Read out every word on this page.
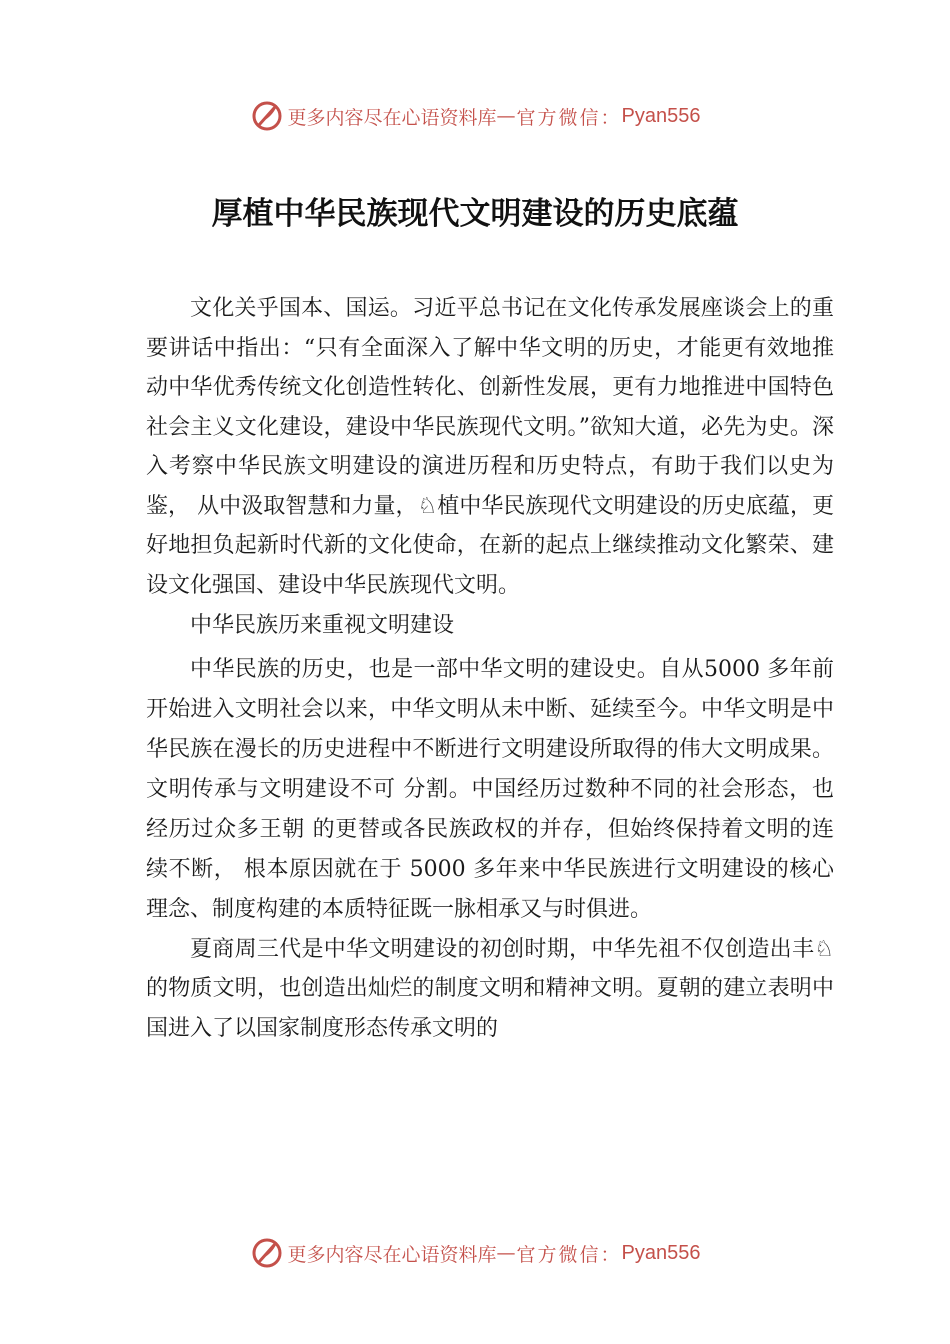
更多内容尽在心语资料库 — 官方微信： Pyan556
厚植中华民族现代文明建设的历史底蕴

文化关乎国本、国运。习近平总书记在文化传承发展座谈会上的重要讲话中指出：“只有全面深入了解中华文明的历史，才能更有效地推动中华优秀传统文化创造性转化、创新性发展，更有力地推进中国特色社会主义文化建设，建设中华民族现代文明。”欲知大道，必先为史。深入考察中华民族文明建设的演进历程和历史特点，有助于我们以史为鉴， 从中汲取智慧和力量，♘植中华民族现代文明建设的历史底蕴，更好地担负起新时代新的文化使命，在新的起点上继续推动文化繁荣、建设文化强国、建设中华民族现代文明。

中华民族历来重视文明建设

中华民族的历史，也是一部中华文明的建设史。自从5000 多年前开始进入文明社会以来，中华文明从未中断、延续至今。中华文明是中华民族在漫长的历史进程中不断进行文明建设所取得的伟大文明成果。文明传承与文明建设不可 分割。中国经历过数种不同的社会形态，也经历过众多王朝 的更替或各民族政权的并存，但始终保持着文明的连续不断， 根本原因就在于 5000 多年来中华民族进行文明建设的核心理念、制度构建的本质特征既一脉相承又与时俱进。

夏商周三代是中华文明建设的初创时期，中华先祖不仅创造出丰♘的物质文明，也创造出灿烂的制度文明和精神文明。夏朝的建立表明中国进入了以国家制度形态传承文明的

更多内容尽在心语资料库 — 官方微信： Pyan556
